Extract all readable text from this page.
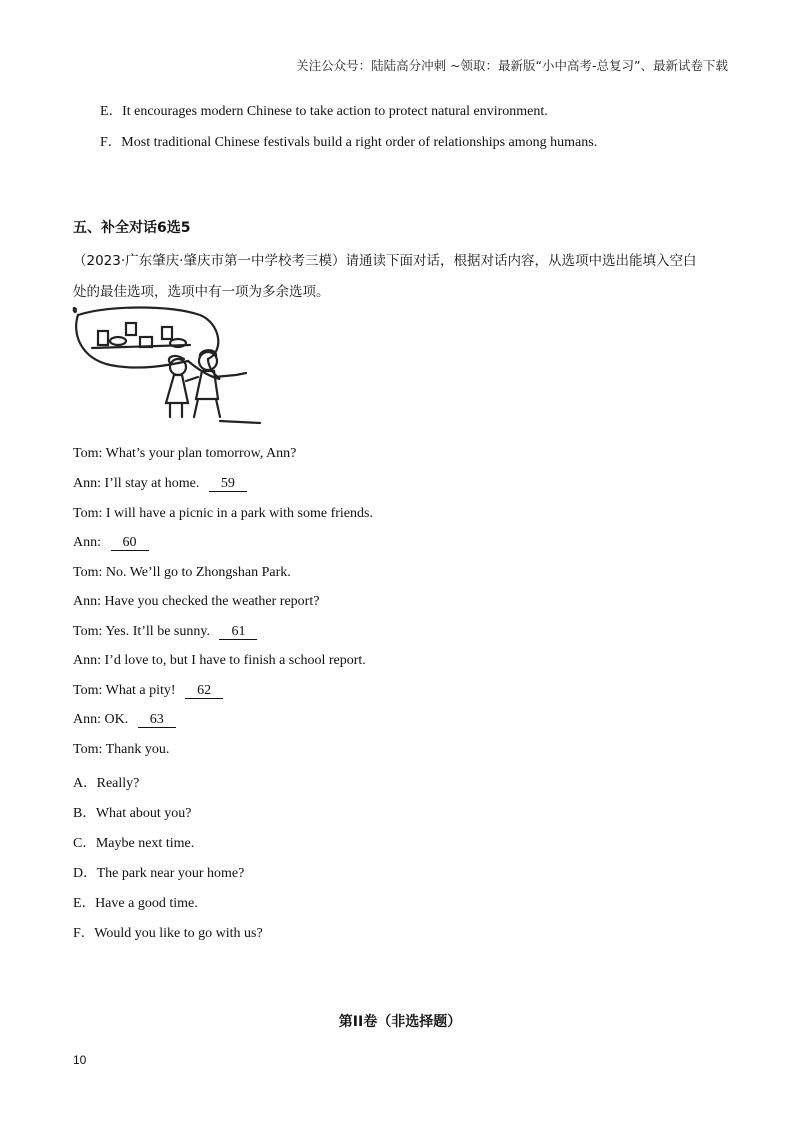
关注公众号：陆陆高分冲刺 ~领取：最新版“小中高考-总复习”、最新试卷下载
E．It encourages modern Chinese to take action to protect natural environment.
F．Most traditional Chinese festivals build a right order of relationships among humans.
五、补全对话6选5
（2023·广东肇庆·肇庆市第一中学校考三模）请通读下面对话，根据对话内容，从选项中选出能填入空白
处的最佳选项，选项中有一项为多余选项。
Tom: What’s your plan tomorrow, Ann?
Ann: I’ll stay at home. 59
Tom: I will have a picnic in a park with some friends.
Ann: 60
Tom: No. We’ll go to Zhongshan Park.
Ann: Have you checked the weather report?
Tom: Yes. It’ll be sunny. 61
Ann: I’d love to, but I have to finish a school report.
Tom: What a pity! 62
Ann: OK. 63
Tom: Thank you.
A．Really?
B．What about you?
C．Maybe next time.
D．The park near your home?
E．Have a good time.
F．Would you like to go with us?
第II卷（非选择题）
10
